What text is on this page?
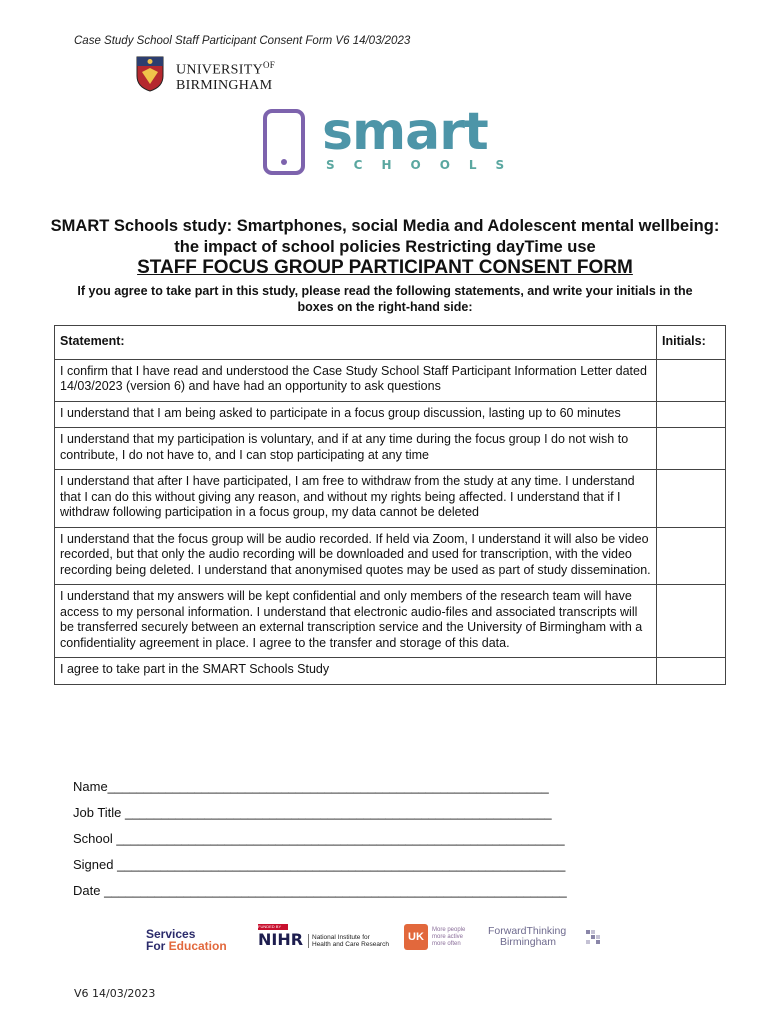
Case Study School Staff Participant Consent Form V6 14/03/2023
$UNIVERSITY^{OF}$
BIRMINGHAM
smart
SCHOOLS
SMART Schools study: Smartphones, social Media and Adolescent mental wellbeing: the impact of school policies Restricting dayTime use
STAFF FOCUS GROUP PARTICIPANT CONSENT FORM
If you agree to take part in this study, please read the following statements, and write your initials in the boxes on the right-hand side:
Statement:	Initials:
I confirm that I have read and understood the Case Study School Staff Participant Information Letter dated 14/03/2023 (version 6) and have had an opportunity to ask questions	
I understand that I am being asked to participate in a focus group discussion, lasting up to 60 minutes	
I understand that my participation is voluntary, and if at any time during the focus group I do not wish to contribute, I do not have to, and I can stop participating at any time	
I understand that after I have participated, I am free to withdraw from the study at any time. I understand that I can do this without giving any reason, and without my rights being affected. I understand that if I withdraw following participation in a focus group, my data cannot be deleted	
I understand that the focus group will be audio recorded. If held via Zoom, I understand it will also be video recorded, but that only the audio recording will be downloaded and used for transcription, with the video recording being deleted. I understand that anonymised quotes may be used as part of study dissemination.	
I understand that my answers will be kept confidential and only members of the research team will have access to my personal information. I understand that electronic audio-files and associated transcripts will be transferred securely between an external transcription service and the University of Birmingham with a confidentiality agreement in place. I agree to the transfer and storage of this data.	
I agree to take part in the SMART Schools Study	
Name_____________________________________________________________
Job Title ___________________________________________________________
School ______________________________________________________________
Signed ______________________________________________________________
Date ________________________________________________________________
Services
For Education
FUNDED BY
NIHR National Institute for
Health and Care Research
UK
More people
more active
more often
ForwardThinking
Birmingham
V6 14/03/2023
